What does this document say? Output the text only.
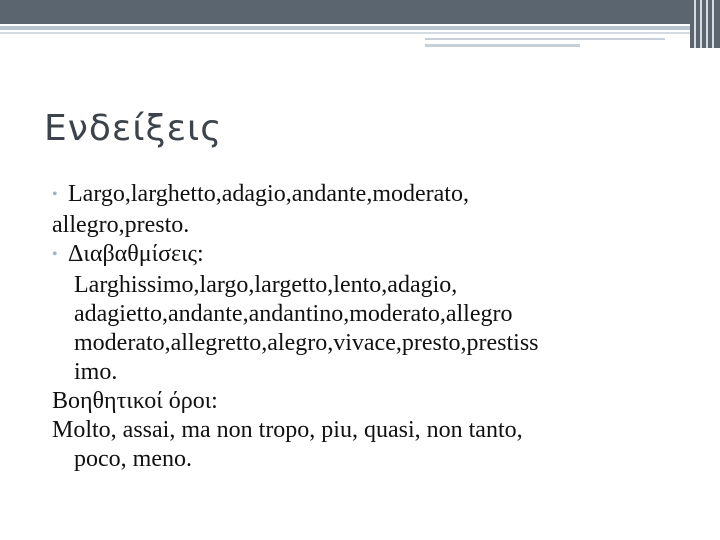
Ενδείξεις
• Largo,larghetto,adagio,andante,moderato,
allegro,presto.
• Διαβαθμίσεις:
Larghissimo,largo,largetto,lento,adagio,
adagietto,andante,andantino,moderato,allegro
moderato,allegretto,alegro,vivace,presto,prestiss
imo.
Βοηθητικοί όροι:
Molto, assai, ma non tropo, piu, quasi, non tanto,
poco, meno.
